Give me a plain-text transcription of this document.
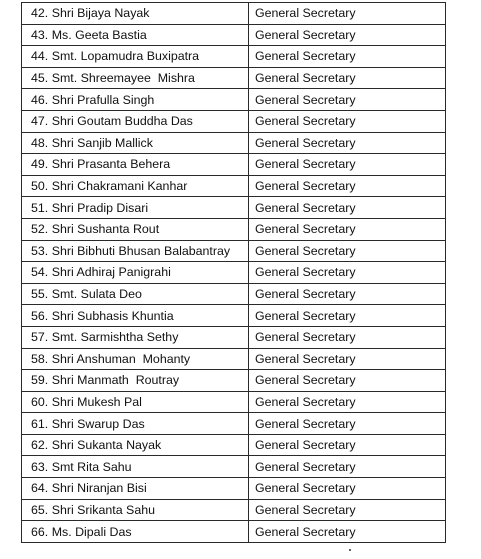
42. Shri Bijaya Nayak	General Secretary
43. Ms. Geeta Bastia	General Secretary
44. Smt. Lopamudra Buxipatra	General Secretary
45. Smt. Shreemayee  Mishra	General Secretary
46. Shri Prafulla Singh	General Secretary
47. Shri Goutam Buddha Das	General Secretary
48. Shri Sanjib Mallick	General Secretary
49. Shri Prasanta Behera	General Secretary
50. Shri Chakramani Kanhar	General Secretary
51. Shri Pradip Disari	General Secretary
52. Shri Sushanta Rout	General Secretary
53. Shri Bibhuti Bhusan Balabantray	General Secretary
54. Shri Adhiraj Panigrahi	General Secretary
55. Smt. Sulata Deo	General Secretary
56. Shri Subhasis Khuntia	General Secretary
57. Smt. Sarmishtha Sethy	General Secretary
58. Shri Anshuman  Mohanty	General Secretary
59. Shri Manmath  Routray	General Secretary
60. Shri Mukesh Pal	General Secretary
61. Shri Swarup Das	General Secretary
62. Shri Sukanta Nayak	General Secretary
63. Smt Rita Sahu	General Secretary
64. Shri Niranjan Bisi	General Secretary
65. Shri Srikanta Sahu	General Secretary
66. Ms. Dipali Das	General Secretary
